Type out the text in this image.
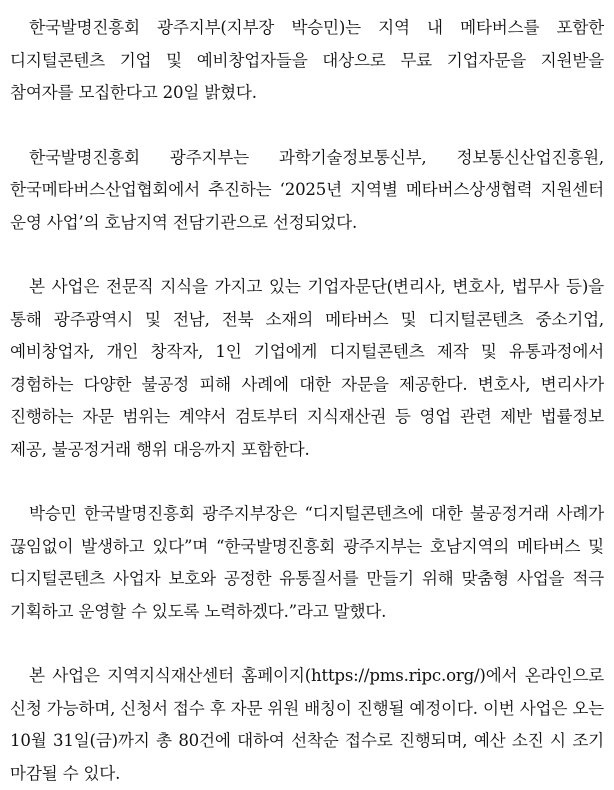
한국발명진흥회 광주지부(지부장 박승민)는 지역 내 메타버스를 포함한 디지털콘텐츠 기업 및 예비창업자들을 대상으로 무료 기업자문을 지원받을 참여자를 모집한다고 20일 밝혔다.

한국발명진흥회 광주지부는 과학기술정보통신부, 정보통신산업진흥원, 한국메타버스산업협회에서 추진하는 ‘2025년 지역별 메타버스상생협력 지원센터 운영 사업’의 호남지역 전담기관으로 선정되었다.

본 사업은 전문직 지식을 가지고 있는 기업자문단(변리사, 변호사, 법무사 등)을 통해 광주광역시 및 전남, 전북 소재의 메타버스 및 디지털콘텐츠 중소기업, 예비창업자, 개인 창작자, 1인 기업에게 디지털콘텐츠 제작 및 유통과정에서 경험하는 다양한 불공정 피해 사례에 대한 자문을 제공한다. 변호사, 변리사가 진행하는 자문 범위는 계약서 검토부터 지식재산권 등 영업 관련 제반 법률정보 제공, 불공정거래 행위 대응까지 포함한다.

박승민 한국발명진흥회 광주지부장은 “디지털콘텐츠에 대한 불공정거래 사례가 끊임없이 발생하고 있다”며 “한국발명진흥회 광주지부는 호남지역의 메타버스 및 디지털콘텐츠 사업자 보호와 공정한 유통질서를 만들기 위해 맞춤형 사업을 적극 기획하고 운영할 수 있도록 노력하겠다.”라고 말했다.

본 사업은 지역지식재산센터 홈페이지(https://pms.ripc.org/)에서 온라인으로 신청 가능하며, 신청서 접수 후 자문 위원 배칭이 진행될 예정이다. 이번 사업은 오는 10월 31일(금)까지 총 80건에 대하여 선착순 접수로 진행되며, 예산 소진 시 조기 마감될 수 있다.
